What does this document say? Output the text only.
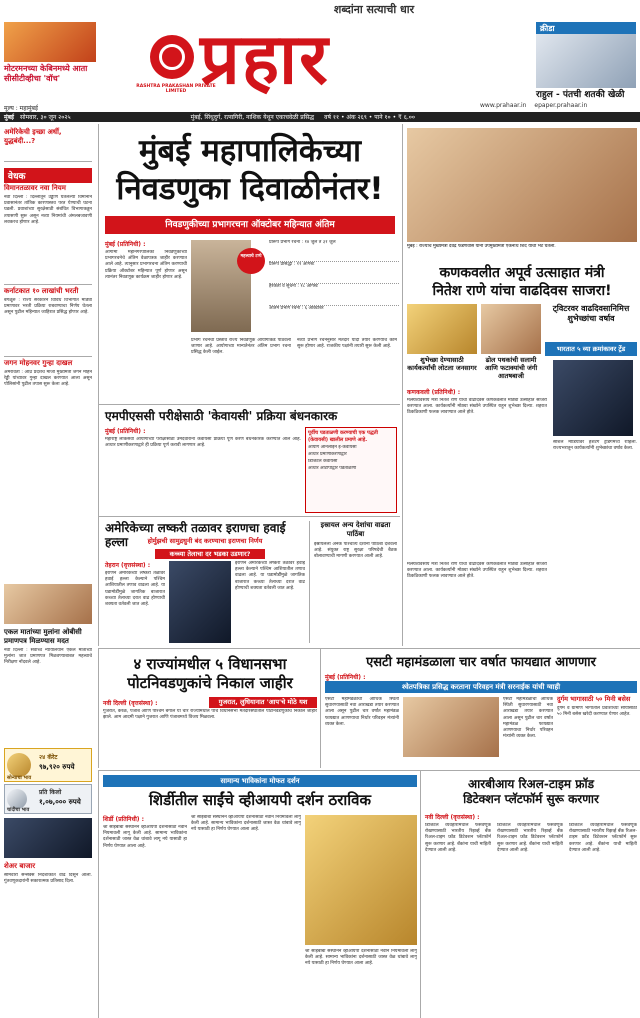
मोटरमनच्या केबिनमध्ये आता सीसीटीव्हीचा 'वॉच'
मूल्य : महामुंबई
शब्दांना सत्याची धार
RASHTRA PRAKASHAN PRIVATE LIMITED प्रहार	क्रीडा
राहुल - पंतची शतकी खेळी
www.prahaar.in epaper.prahaar.in
मुंबई सोमवार, ३० जून २०२५	मुंबई, सिंधुदुर्ग, रत्नागिरी, नाशिक येथून एकाचवेळी प्रसिद्ध वर्ष ११ • अंक २६९ • पाने १० • ₹ ६.००
अमेरिकेची इच्छा अर्धी, युद्धबंदी...?
वेधक
विमानतळावर नवा नियम
नवी दिल्ली : दिल्लीतून उड्डाण घेतलेल्या विमानाने प्रवासानंतर तांत्रिक कारणास्तव परत येण्याची घटना घडली. प्रवाशांच्या सुरक्षेसाठी संबंधित विभागाकडून तपासणी सुरू असून नव्या नियमांची अंमलबजावणी लवकरच होणार आहे.
कर्नाटकात १० लाखांची भरती
बंगळूरु : राज्य सरकारने विविध विभागांत मोठ्या प्रमाणावर भरती प्रक्रिया राबवण्याचा निर्णय घेतला असून पुढील महिन्यात जाहिरात प्रसिद्ध होणार आहे.
जगन मोहनवर गुन्हा दाखल
अमरावती : आंध्र प्रदेशचे माजी मुख्यमंत्री जगन मोहन रेड्डी यांच्यावर गुन्हा दाखल करण्यात आला असून पोलिसांनी पुढील तपास सुरू केला आहे.
एकल मातांच्या मुलांना ओबीसी प्रमाणपत्र मिळण्यास मदत
नवी दिल्ली : सर्वोच्च न्यायालयाने एकल मातांच्या मुलांना जात प्रमाणपत्र मिळवण्याबाबत महत्त्वाचे निरीक्षण नोंदवले आहे.
सोन्याचा भाव
२४ कॅरेट
९७,९२० रुपये
चांदीचा भाव
प्रति किलो
१,०७,००० रुपये
शेअर बाजार
सोमवारी सेन्सेक्स निर्देशांकात वाढ दिसून आली. गुंतवणूकदारांनी सकारात्मक प्रतिसाद दिला.
मुंबई महापालिकेच्या
निवडणुका दिवाळीनंतर!
निवडणुकीच्या प्रभागरचना ऑक्टोबर महिन्यात अंतिम
मुंबई (प्रतिनिधी) :
आगामी महानगरपालिका निवडणुकांच्या प्रभागरचनेचे अंतिम वेळापत्रक जाहीर करण्यात आले आहे. त्यानुसार प्रभागरचना अंतिम करण्याची प्रक्रिया ऑक्टोबर महिन्यात पूर्ण होणार असून त्यानंतर निवडणूक कार्यक्रम जाहीर होणार आहे.
महत्त्वाचे टप्पे
प्रारूप प्रभाग रचना : १४ जुलै ते ३१ जुलै
प्रारूप प्रसिद्धी : ११ ऑगस्ट
हरकती व सूचना : १८ ऑगस्ट
अंतिम प्रभाग रचना : ६ ऑक्टोबर
प्रभाग रचनेचा प्रस्ताव राज्य निवडणूक आयोगाकडे पाठवला जाणार आहे. आयोगाच्या मान्यतेनंतर अंतिम प्रभाग रचना प्रसिद्ध केली जाईल.
नव्या प्रभाग रचनेनुसार मतदार यादी तयार करण्याचे काम सुरू होणार आहे. राजकीय पक्षांनी तयारी सुरू केली आहे.
मुंबई : राज्याचे मुख्यमंत्री देवेंद्र फडणवीस यांनी उपमुख्यमंत्री एकनाथ शिंदे यांची भेट घेतली.
कणकवलीत अपूर्व उत्साहात मंत्री
नितेश राणे यांचा वाढदिवस साजरा!
शुभेच्छा देण्यासाठी कार्यकर्त्यांची लोटला जनसागर
ढोल पथकांची सलामी आणि फटाक्यांची जंगी आतषबाजी
ट्विटरवर वाढदिवसानिमित्त शुभेच्छांचा वर्षाव
भारतात ५ व्या क्रमांकावर ट्रेंड
कणकवली (प्रतिनिधी) :
मत्स्यव्यवसाय मंत्री नितेश राणे यांचा वाढदिवस कणकवलीत मोठ्या उत्साहात साजरा करण्यात आला. कार्यकर्त्यांनी मोठ्या संख्येने उपस्थित राहून शुभेच्छा दिल्या. शहरात ठिकठिकाणी फलक लावण्यात आले होते.
सोशल मीडियावर हॅशटॅग ट्रेंडिंगमध्ये राहिला. राज्यभरातून कार्यकर्त्यांनी शुभेच्छांचा वर्षाव केला.
मत्स्यव्यवसाय मंत्री नितेश राणे यांचा वाढदिवस कणकवलीत मोठ्या उत्साहात साजरा करण्यात आला. कार्यकर्त्यांनी मोठ्या संख्येने उपस्थित राहून शुभेच्छा दिल्या. शहरात ठिकठिकाणी फलक लावण्यात आले होते.
एमपीएससी परीक्षेसाठी 'केवायसी' प्रक्रिया बंधनकारक
मुंबई (प्रतिनिधी) :
महाराष्ट्र लोकसेवा आयोगाच्या परीक्षांसाठी उमेदवारांना केवायसी प्रक्रिया पूर्ण करणे बंधनकारक करण्यात आले आहे. आधार प्रमाणीकरणाद्वारे ही प्रक्रिया पूर्ण करावी लागणार आहे.
पूर्वीच पडताळणी करण्याची एक पद्धती (केवायसी) खालील प्रमाणे आहे.
आयोग ऑनलाइन ई-केवायसी
आधार प्रमाणीकरणाद्वारे
डिजिटल केवायसी
आधार ओटीपीद्वारे पडताळणी
अमेरिकेच्या लष्करी तळावर इराणचा हवाई हल्ला	होर्मुझची सामुद्रधुनी बंद करण्याचा इराणचा निर्णय
कच्च्या तेलाचा दर भडका उडणार?
तेहरान (वृत्तसंस्था) :
इराणने अमेरिकेच्या लष्करी तळावर हवाई हल्ला केल्याने पश्चिम आशियातील तणाव वाढला आहे. या घडामोडींमुळे जागतिक बाजारात कच्च्या तेलाच्या दरात वाढ होण्याची शक्यता वर्तवली जात आहे.
इराणने अमेरिकेच्या लष्करी तळावर हवाई हल्ला केल्याने पश्चिम आशियातील तणाव वाढला आहे. या घडामोडींमुळे जागतिक बाजारात कच्च्या तेलाच्या दरात वाढ होण्याची शक्यता वर्तवली जात आहे.
इस्रायल अन्य देशांचा वाढता पाठिंबा
इस्रायलला अनेक पाश्चात्य देशांनी पाठिंबा दर्शवला आहे. संयुक्त राष्ट्र सुरक्षा परिषदेची बैठक बोलावण्याची मागणी करण्यात आली आहे.
४ राज्यांमधील ५ विधानसभा
पोटनिवडणुकांचे निकाल जाहीर
नवी दिल्ली (वृत्तसंस्था) :	गुजरात, लुधियानात 'आप'चे मोठे यश
गुजरात, केरळ, पंजाब आणि पश्चिम बंगाल या चार राज्यांमधील पाच विधानसभा मतदारसंघांतील पोटनिवडणुकीचे निकाल जाहीर झाले. आम आदमी पक्षाने गुजरात आणि पंजाबमध्ये विजय मिळवला.
एसटी महामंडळाला चार वर्षात फायद्यात आणणार
मुंबई (प्रतिनिधी) :
श्वेतपत्रिका प्रसिद्ध करताना परिवहन मंत्री सरनाईक यांची ग्वाही
एसटी महामंडळाची आर्थिक स्थिती सुधारण्यासाठी नवा आराखडा तयार करण्यात आला असून पुढील चार वर्षांत महामंडळ फायद्यात आणण्याचा निर्धार परिवहन मंत्र्यांनी व्यक्त केला.
एसटी महामंडळाची आर्थिक स्थिती सुधारण्यासाठी नवा आराखडा तयार करण्यात आला असून पुढील चार वर्षांत महामंडळ फायद्यात आणण्याचा निर्धार परिवहन मंत्र्यांनी व्यक्त केला.
दुर्गम भागासाठी ५० मिनी बसेस
दुर्गम व ग्रामीण भागातील प्रवाशांच्या सोयीसाठी ५० मिनी बसेस खरेदी करण्यात येणार आहेत.
सामान्य भाविकांना मोफत दर्शन
शिर्डीतील साईंचे व्हीआयपी दर्शन ठराविक
शिर्डी (प्रतिनिधी) :
श्री साईबाबा संस्थानने व्हीआयपी दर्शनासाठी नवीन नियमावली लागू केली आहे. सामान्य भाविकांना दर्शनासाठी जास्त वेळ थांबावे लागू नये यासाठी हा निर्णय घेण्यात आला आहे.
श्री साईबाबा संस्थानने व्हीआयपी दर्शनासाठी नवीन नियमावली लागू केली आहे. सामान्य भाविकांना दर्शनासाठी जास्त वेळ थांबावे लागू नये यासाठी हा निर्णय घेण्यात आला आहे.
श्री साईबाबा संस्थानने व्हीआयपी दर्शनासाठी नवीन नियमावली लागू केली आहे. सामान्य भाविकांना दर्शनासाठी जास्त वेळ थांबावे लागू नये यासाठी हा निर्णय घेण्यात आला आहे.
आरबीआय रिअल-टाइम फ्रॉड
डिटेक्शन प्लॅटफॉर्म सुरू करणार
नवी दिल्ली (वृत्तसंस्था) :
डिजिटल व्यवहारांमधील फसवणूक रोखण्यासाठी भारतीय रिझर्व्ह बँक रिअल-टाइम फ्रॉड डिटेक्शन प्लॅटफॉर्म सुरू करणार आहे. बँकांना याची माहिती देण्यात आली आहे.
डिजिटल व्यवहारांमधील फसवणूक रोखण्यासाठी भारतीय रिझर्व्ह बँक रिअल-टाइम फ्रॉड डिटेक्शन प्लॅटफॉर्म सुरू करणार आहे. बँकांना याची माहिती देण्यात आली आहे.
डिजिटल व्यवहारांमधील फसवणूक रोखण्यासाठी भारतीय रिझर्व्ह बँक रिअल-टाइम फ्रॉड डिटेक्शन प्लॅटफॉर्म सुरू करणार आहे. बँकांना याची माहिती देण्यात आली आहे.
